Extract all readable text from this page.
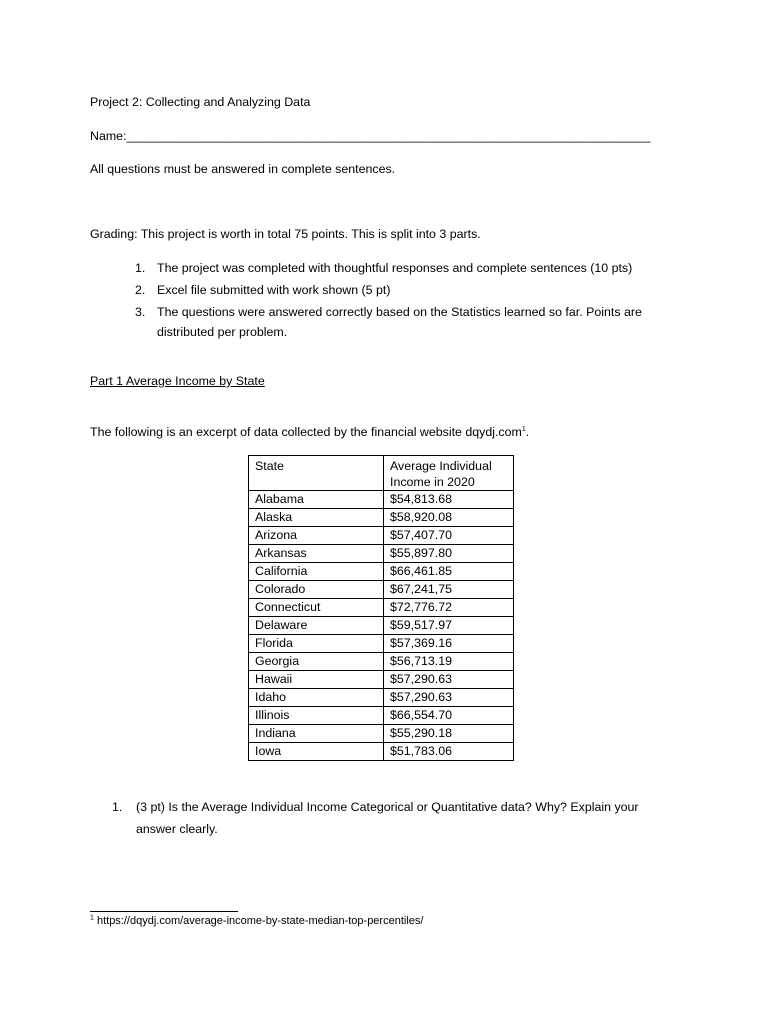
Project 2: Collecting and Analyzing Data
Name:____________________________________________________________________________
All questions must be answered in complete sentences.
Grading: This project is worth in total 75 points. This is split into 3 parts.
1. The project was completed with thoughtful responses and complete sentences (10 pts)
2. Excel file submitted with work shown (5 pt)
3. The questions were answered correctly based on the Statistics learned so far. Points are distributed per problem.
Part 1 Average Income by State
The following is an excerpt of data collected by the financial website dqydj.com$^1$.
State	Average Individual Income in 2020
Alabama	$54,813.68
Alaska	$58,920.08
Arizona	$57,407.70
Arkansas	$55,897.80
California	$66,461.85
Colorado	$67,241,75
Connecticut	$72,776.72
Delaware	$59,517.97
Florida	$57,369.16
Georgia	$56,713.19
Hawaii	$57,290.63
Idaho	$57,290.63
Illinois	$66,554.70
Indiana	$55,290.18
Iowa	$51,783.06
1. (3 pt) Is the Average Individual Income Categorical or Quantitative data? Why? Explain your answer clearly.
$^1$ https://dqydj.com/average-income-by-state-median-top-percentiles/
